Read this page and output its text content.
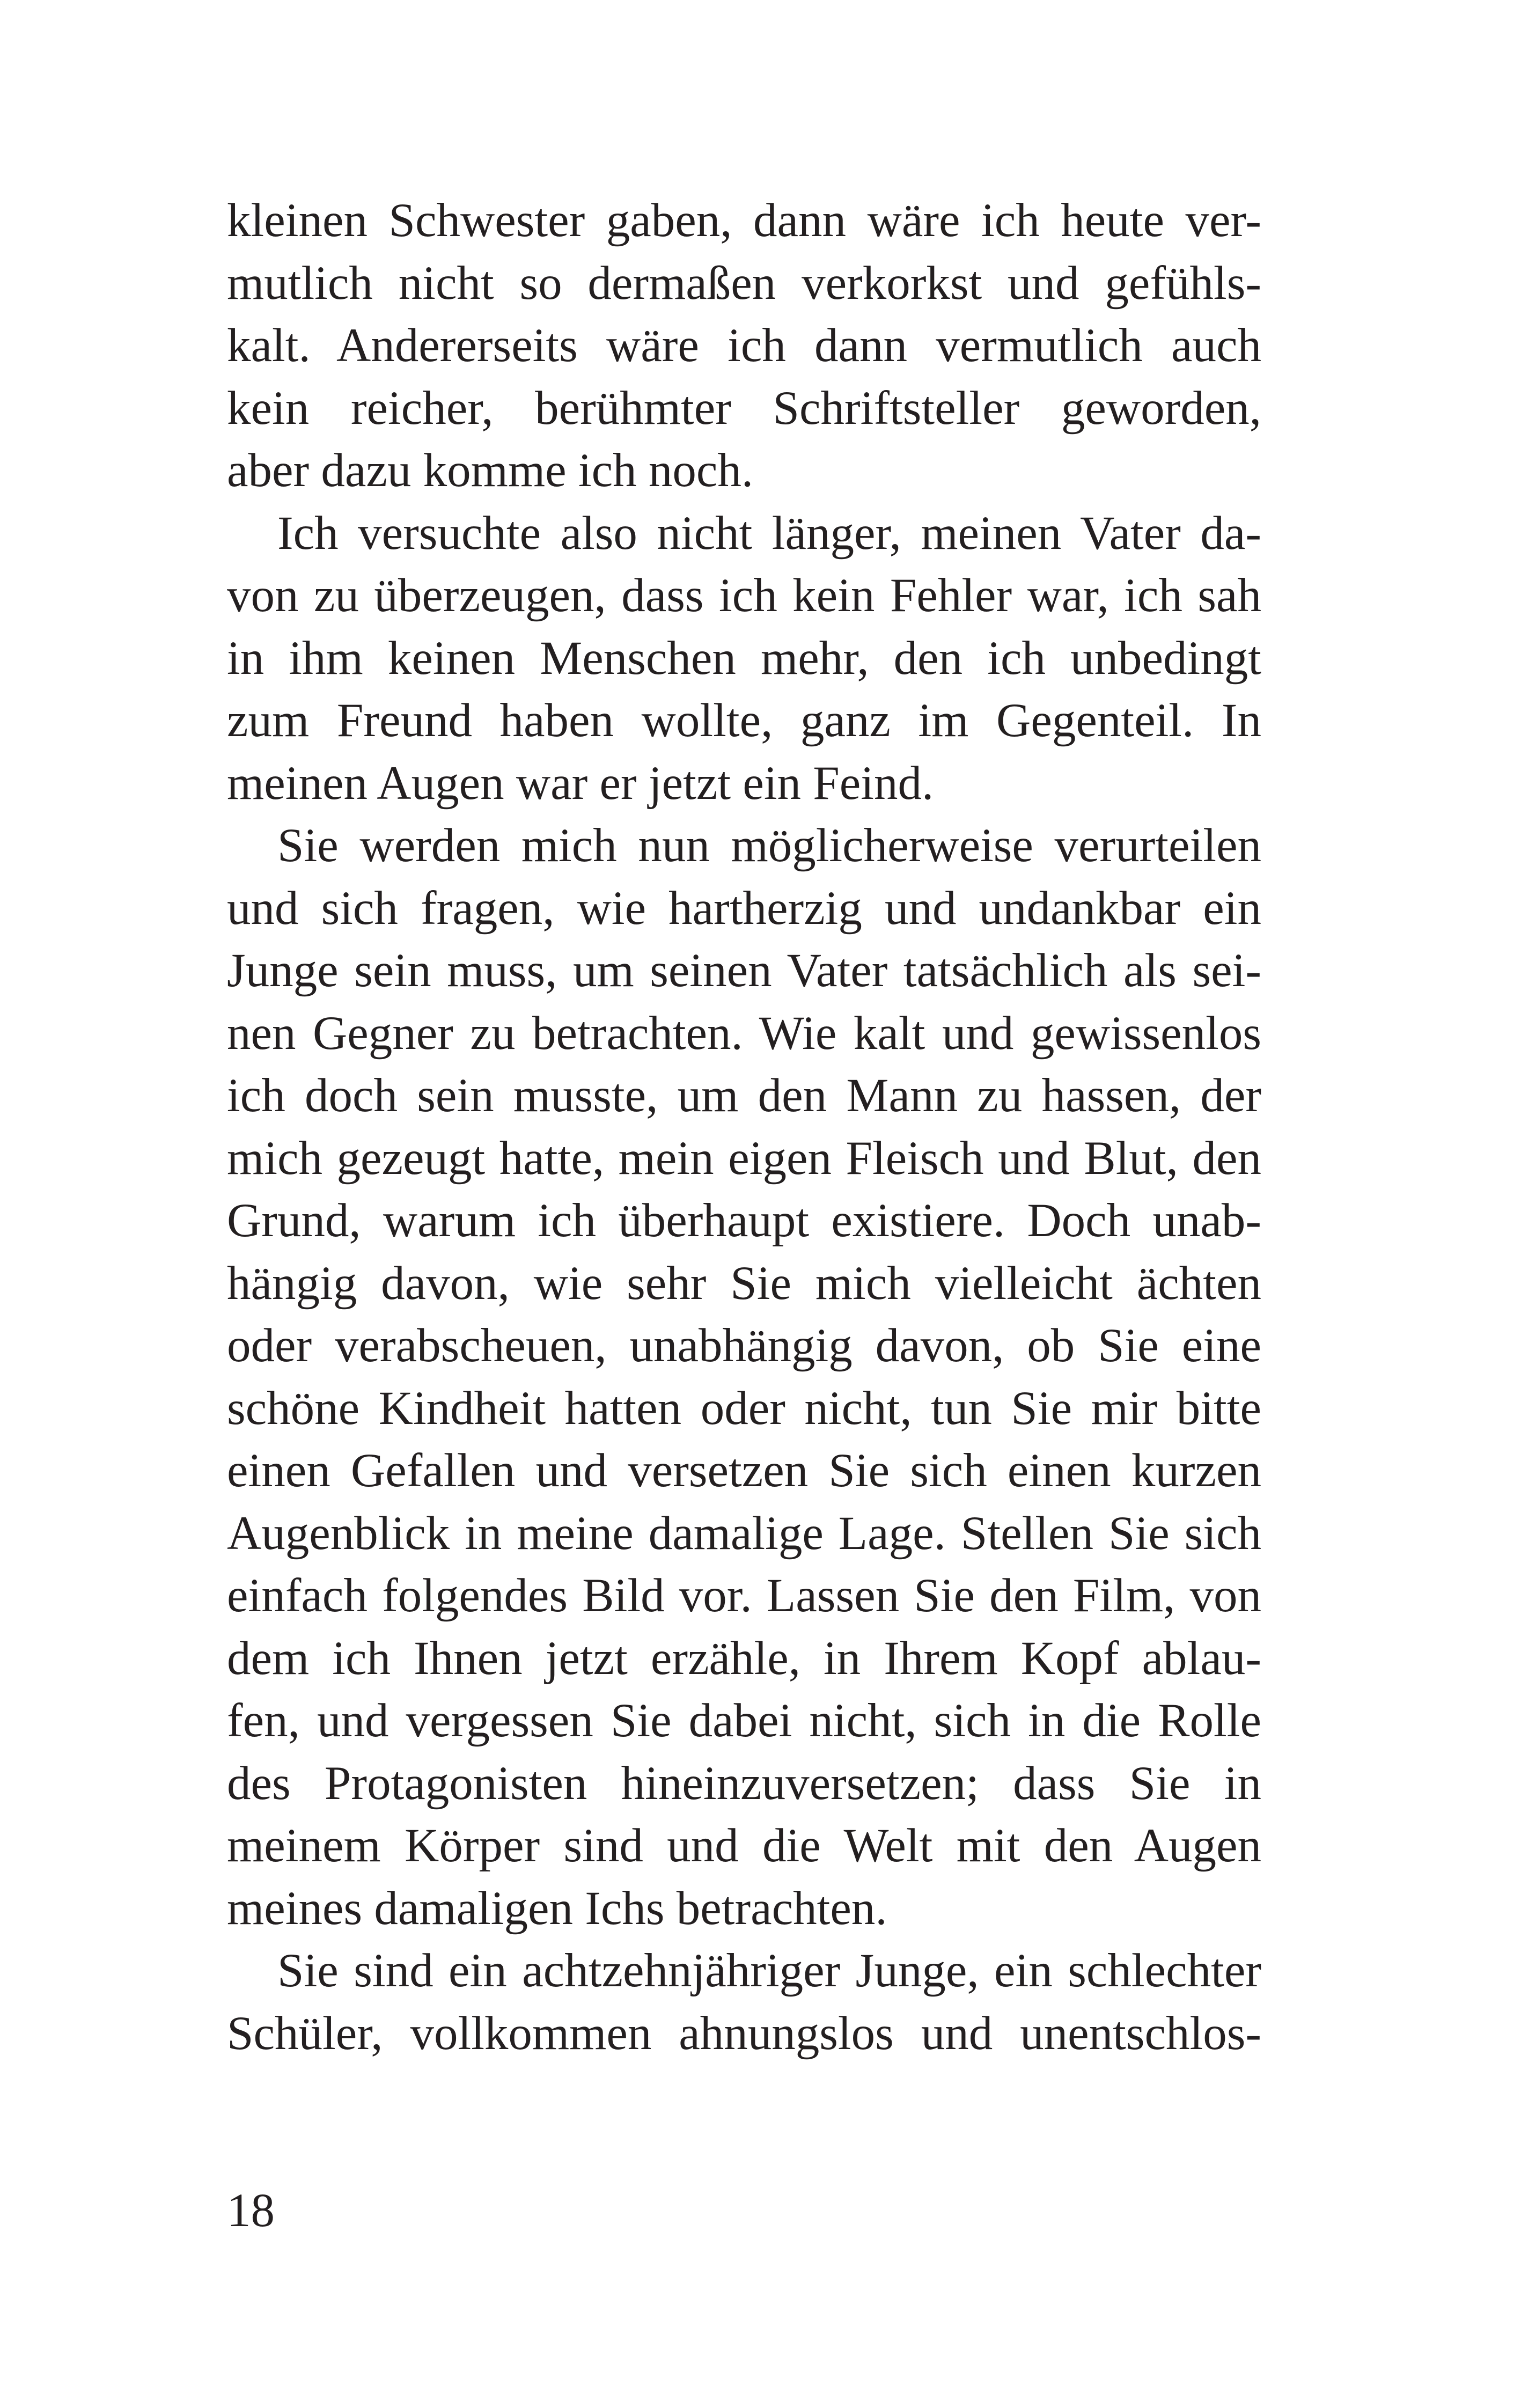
kleinen Schwester gaben, dann wäre ich heute ver-
mutlich nicht so dermaßen verkorkst und gefühls-
kalt. Andererseits wäre ich dann vermutlich auch
kein reicher, berühmter Schriftsteller geworden,
aber dazu komme ich noch.
Ich versuchte also nicht länger, meinen Vater da-
von zu überzeugen, dass ich kein Fehler war, ich sah
in ihm keinen Menschen mehr, den ich unbedingt
zum Freund haben wollte, ganz im Gegenteil. In
meinen Augen war er jetzt ein Feind.
Sie werden mich nun möglicherweise verurteilen
und sich fragen, wie hartherzig und undankbar ein
Junge sein muss, um seinen Vater tatsächlich als sei-
nen Gegner zu betrachten. Wie kalt und gewissenlos
ich doch sein musste, um den Mann zu hassen, der
mich gezeugt hatte, mein eigen Fleisch und Blut, den
Grund, warum ich überhaupt existiere. Doch unab-
hängig davon, wie sehr Sie mich vielleicht ächten
oder verabscheuen, unabhängig davon, ob Sie eine
schöne Kindheit hatten oder nicht, tun Sie mir bitte
einen Gefallen und versetzen Sie sich einen kurzen
Augenblick in meine damalige Lage. Stellen Sie sich
einfach folgendes Bild vor. Lassen Sie den Film, von
dem ich Ihnen jetzt erzähle, in Ihrem Kopf ablau-
fen, und vergessen Sie dabei nicht, sich in die Rolle
des Protagonisten hineinzuversetzen; dass Sie in
meinem Körper sind und die Welt mit den Augen
meines damaligen Ichs betrachten.
Sie sind ein achtzehnjähriger Junge, ein schlechter
Schüler, vollkommen ahnungslos und unentschlos-
18
